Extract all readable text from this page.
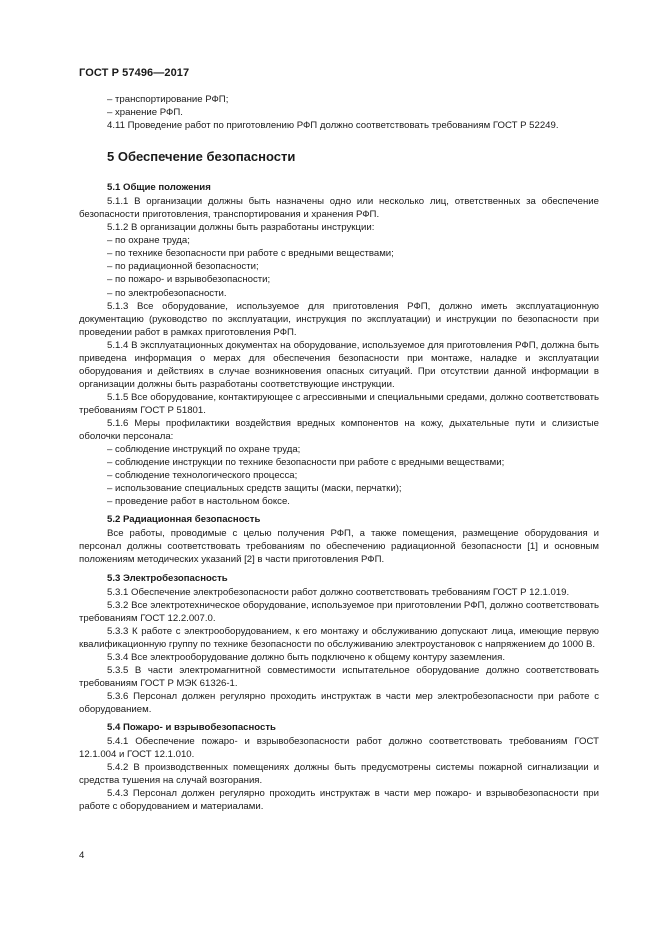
ГОСТ Р 57496—2017

– транспортирование РФП;

– хранение РФП.

4.11 Проведение работ по приготовлению РФП должно соответствовать требованиям ГОСТ Р 52249.

5 Обеспечение безопасности

5.1 Общие положения

5.1.1 В организации должны быть назначены одно или несколько лиц, ответственных за обеспечение безопасности приготовления, транспортирования и хранения РФП.

5.1.2 В организации должны быть разработаны инструкции:

– по охране труда;

– по технике безопасности при работе с вредными веществами;

– по радиационной безопасности;

– по пожаро- и взрывобезопасности;

– по электробезопасности.

5.1.3 Все оборудование, используемое для приготовления РФП, должно иметь эксплуатационную документацию (руководство по эксплуатации, инструкция по эксплуатации) и инструкции по безопасности при проведении работ в рамках приготовления РФП.

5.1.4 В эксплуатационных документах на оборудование, используемое для приготовления РФП, должна быть приведена информация о мерах для обеспечения безопасности при монтаже, наладке и эксплуатации оборудования и действиях в случае возникновения опасных ситуаций. При отсутствии данной информации в организации должны быть разработаны соответствующие инструкции.

5.1.5 Все оборудование, контактирующее с агрессивными и специальными средами, должно соответствовать требованиям ГОСТ Р 51801.

5.1.6 Меры профилактики воздействия вредных компонентов на кожу, дыхательные пути и слизистые оболочки персонала:

– соблюдение инструкций по охране труда;

– соблюдение инструкции по технике безопасности при работе с вредными веществами;

– соблюдение технологического процесса;

– использование специальных средств защиты (маски, перчатки);

– проведение работ в настольном боксе.

5.2 Радиационная безопасность

Все работы, проводимые с целью получения РФП, а также помещения, размещение оборудования и персонал должны соответствовать требованиям по обеспечению радиационной безопасности [1] и основным положениям методических указаний [2] в части приготовления РФП.

5.3 Электробезопасность

5.3.1 Обеспечение электробезопасности работ должно соответствовать требованиям ГОСТ Р 12.1.019.

5.3.2 Все электротехническое оборудование, используемое при приготовлении РФП, должно соответствовать требованиям ГОСТ 12.2.007.0.

5.3.3 К работе с электрооборудованием, к его монтажу и обслуживанию допускают лица, имеющие первую квалификационную группу по технике безопасности по обслуживанию электроустановок с напряжением до 1000 В.

5.3.4 Все электрооборудование должно быть подключено к общему контуру заземления.

5.3.5 В части электромагнитной совместимости испытательное оборудование должно соответствовать требованиям ГОСТ Р МЭК 61326-1.

5.3.6 Персонал должен регулярно проходить инструктаж в части мер электробезопасности при работе с оборудованием.

5.4 Пожаро- и взрывобезопасность

5.4.1 Обеспечение пожаро- и взрывобезопасности работ должно соответствовать требованиям ГОСТ 12.1.004 и ГОСТ 12.1.010.

5.4.2 В производственных помещениях должны быть предусмотрены системы пожарной сигнализации и средства тушения на случай возгорания.

5.4.3 Персонал должен регулярно проходить инструктаж в части мер пожаро- и взрывобезопасности при работе с оборудованием и материалами.

4
